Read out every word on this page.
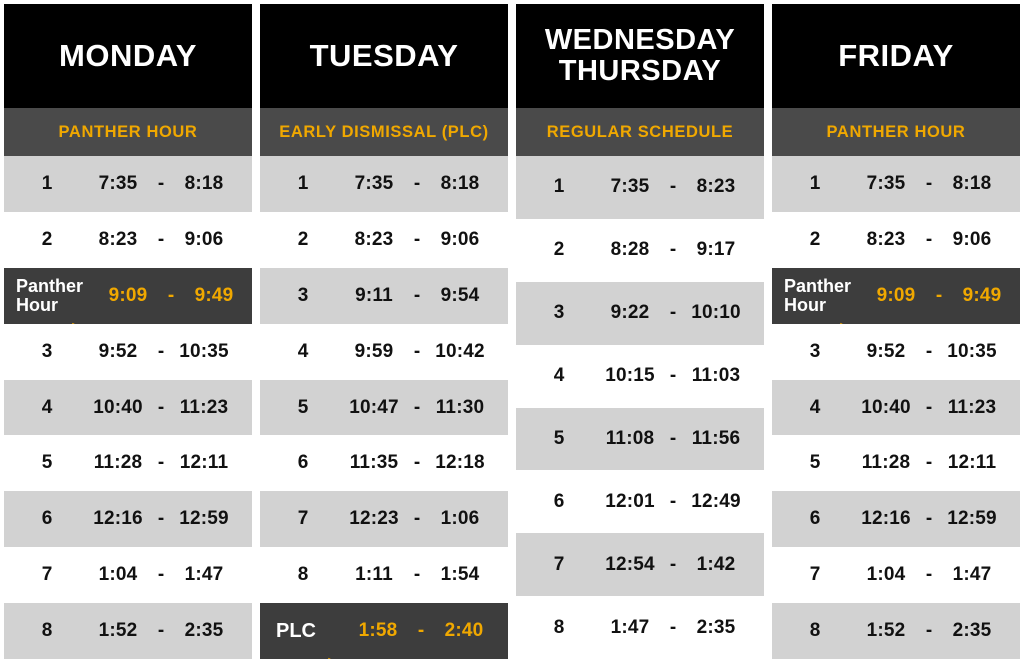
MONDAY
PANTHER HOUR
1	7:35	-	8:18
2	8:23	-	9:06
Panther
Hour	9:09	-	9:49
3	9:52	- 10:35
4	10:40 - 11:23
5	11:28 - 12:11
6	12:16 - 12:59
7	1:04	-	1:47
8	1:52	-	2:35
TUESDAY
EARLY DISMISSAL (PLC)
1	7:35	-	8:18
2	8:23	-	9:06
3	9:11	-	9:54
4	9:59	- 10:42
5	10:47 - 11:30
6	11:35 - 12:18
7	12:23 -	1:06
8	1:11	-	1:54
PLC	1:58	-	2:40
WEDNESDAY
THURSDAY
REGULAR SCHEDULE
1	7:35	-	8:23
2	8:28	-	9:17
3	9:22	- 10:10
4	10:15 - 11:03
5	11:08 - 11:56
6	12:01 - 12:49
7	12:54 -	1:42
8	1:47	-	2:35
FRIDAY
PANTHER HOUR
1	7:35	-	8:18
2	8:23	-	9:06
Panther
Hour	9:09	-	9:49
3	9:52	- 10:35
4	10:40 - 11:23
5	11:28 - 12:11
6	12:16 - 12:59
7	1:04	-	1:47
8	1:52	-	2:35
